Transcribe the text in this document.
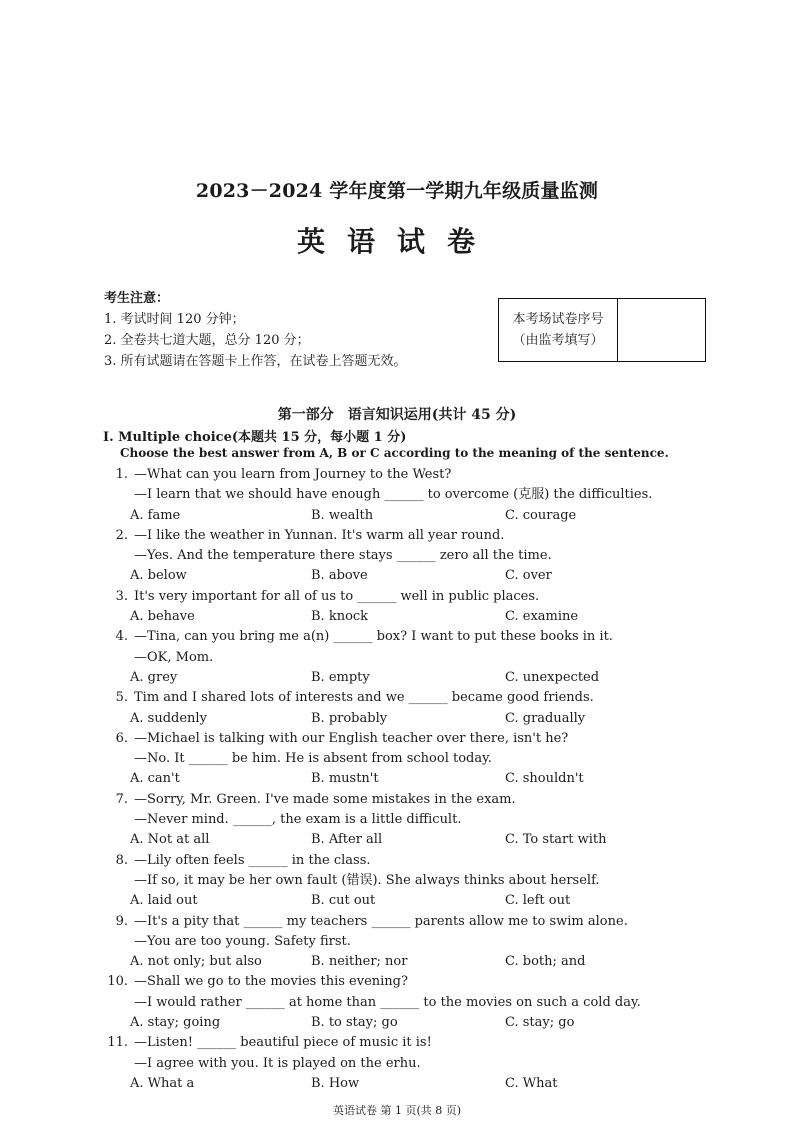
2023－2024 学年度第一学期九年级质量监测
英语试卷
考生注意：
1. 考试时间 120 分钟；
2. 全卷共七道大题，总分 120 分；
3. 所有试题请在答题卡上作答，在试卷上答题无效。
本考场试卷序号
（由监考填写）
第一部分　语言知识运用(共计 45 分)
I. Multiple choice(本题共 15 分，每小题 1 分)
Choose the best answer from A, B or C according to the meaning of the sentence.
1. —What can you learn from Journey to the West?
—I learn that we should have enough ______ to overcome (克服) the difficulties.
A. fame	B. wealth	C. courage
2. —I like the weather in Yunnan. It's warm all year round.
—Yes. And the temperature there stays ______ zero all the time.
A. below	B. above	C. over
3. It's very important for all of us to ______ well in public places.
A. behave	B. knock	C. examine
4. —Tina, can you bring me a(n) ______ box? I want to put these books in it.
—OK, Mom.
A. grey	B. empty	C. unexpected
5. Tim and I shared lots of interests and we ______ became good friends.
A. suddenly	B. probably	C. gradually
6. —Michael is talking with our English teacher over there, isn't he?
—No. It ______ be him. He is absent from school today.
A. can't	B. mustn't	C. shouldn't
7. —Sorry, Mr. Green. I've made some mistakes in the exam.
—Never mind. ______, the exam is a little difficult.
A. Not at all	B. After all	C. To start with
8. —Lily often feels ______ in the class.
—If so, it may be her own fault (错误). She always thinks about herself.
A. laid out	B. cut out	C. left out
9. —It's a pity that ______ my teachers ______ parents allow me to swim alone.
—You are too young. Safety first.
A. not only; but also	B. neither; nor	C. both; and
10. —Shall we go to the movies this evening?
—I would rather ______ at home than ______ to the movies on such a cold day.
A. stay; going	B. to stay; go	C. stay; go
11. —Listen! ______ beautiful piece of music it is!
—I agree with you. It is played on the erhu.
A. What a	B. How	C. What
英语试卷 第 1 页(共 8 页)
